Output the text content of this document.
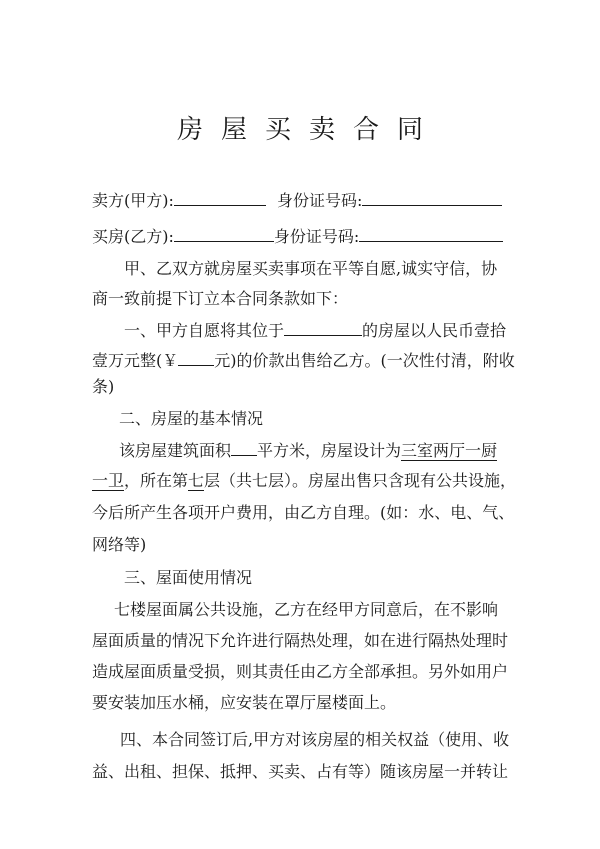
房屋买卖合同
卖方(甲方):	身份证号码:
买房(乙方):	身份证号码:
甲、乙双方就房屋买卖事项在平等自愿,诚实守信，协
商一致前提下订立本合同条款如下：
一、甲方自愿将其位于	的房屋以人民币壹拾
壹万元整(￥ 元)的价款出售给乙方。(一次性付清，附收
条)
二、房屋的基本情况
该房屋建筑面积 平方米，房屋设计为三室两厅一厨
一卫，所在第七层（共七层）。房屋出售只含现有公共设施，
今后所产生各项开户费用，由乙方自理。(如：水、电、气、
网络等)
三、屋面使用情况
七楼屋面属公共设施，乙方在经甲方同意后，在不影响
屋面质量的情况下允许进行隔热处理，如在进行隔热处理时
造成屋面质量受损，则其责任由乙方全部承担。另外如用户
要安装加压水桶，应安装在罩厅屋楼面上。
四、本合同签订后,甲方对该房屋的相关权益（使用、收
益、出租、担保、抵押、买卖、占有等）随该房屋一并转让
